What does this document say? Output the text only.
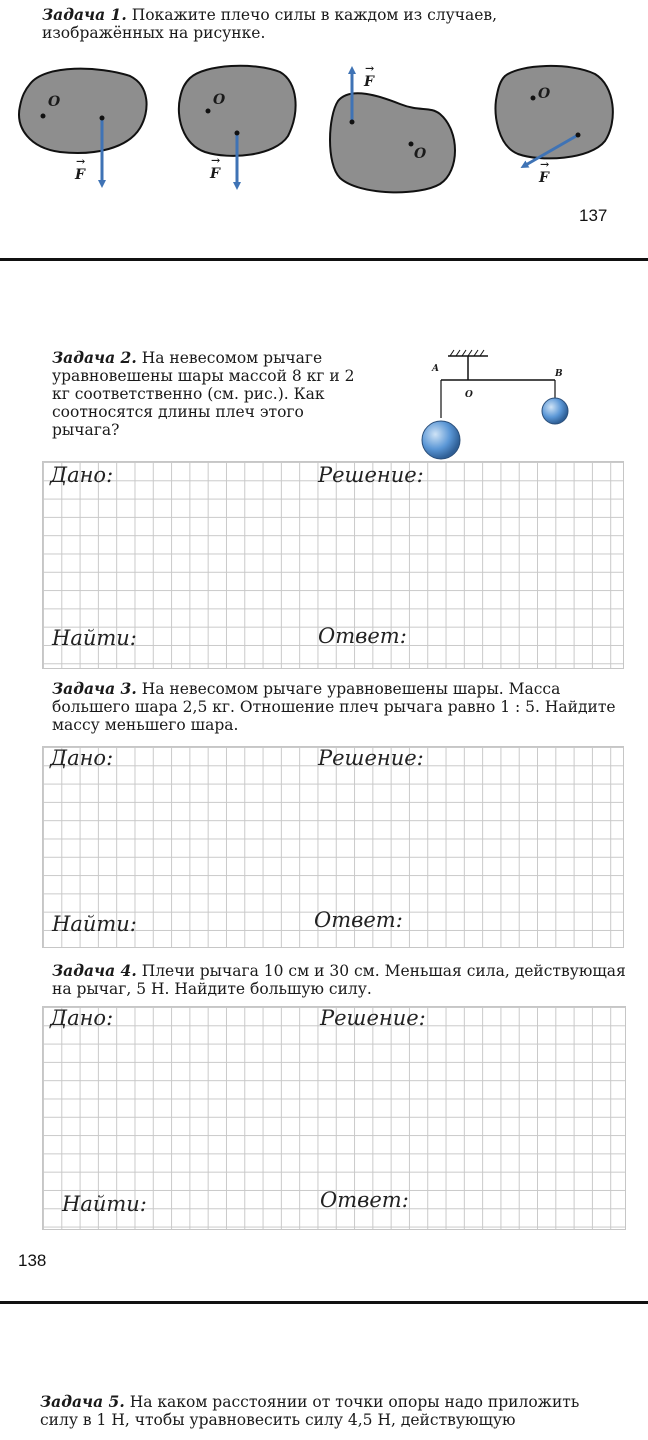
Задача 1. Покажите плечо силы в каждом из случаев, изображённых на рисунке.
O
F
→
O
F
→	O
F
→
O
F
→
137
Задача 2. На невесомом рычаге уравновешены шары массой 8 кг и 2 кг соответственно (см. рис.). Как соотносятся длины плеч этого рычага?
A	B
O
Дано:	Решение:
Найти:	Ответ:
Задача 3. На невесомом рычаге уравновешены шары. Масса большего шара 2,5 кг. Отношение плеч рычага равно 1 : 5. Найдите массу меньшего шара.
Дано:	Решение:
Найти:	Ответ:
Задача 4. Плечи рычага 10 см и 30 см. Меньшая сила, действующая на рычаг, 5 Н. Найдите большую силу.
Дано:	Решение:
Найти:	Ответ:
138
Задача 5. На каком расстоянии от точки опоры надо приложить силу в 1 Н, чтобы уравновесить силу 4,5 Н, действующую
